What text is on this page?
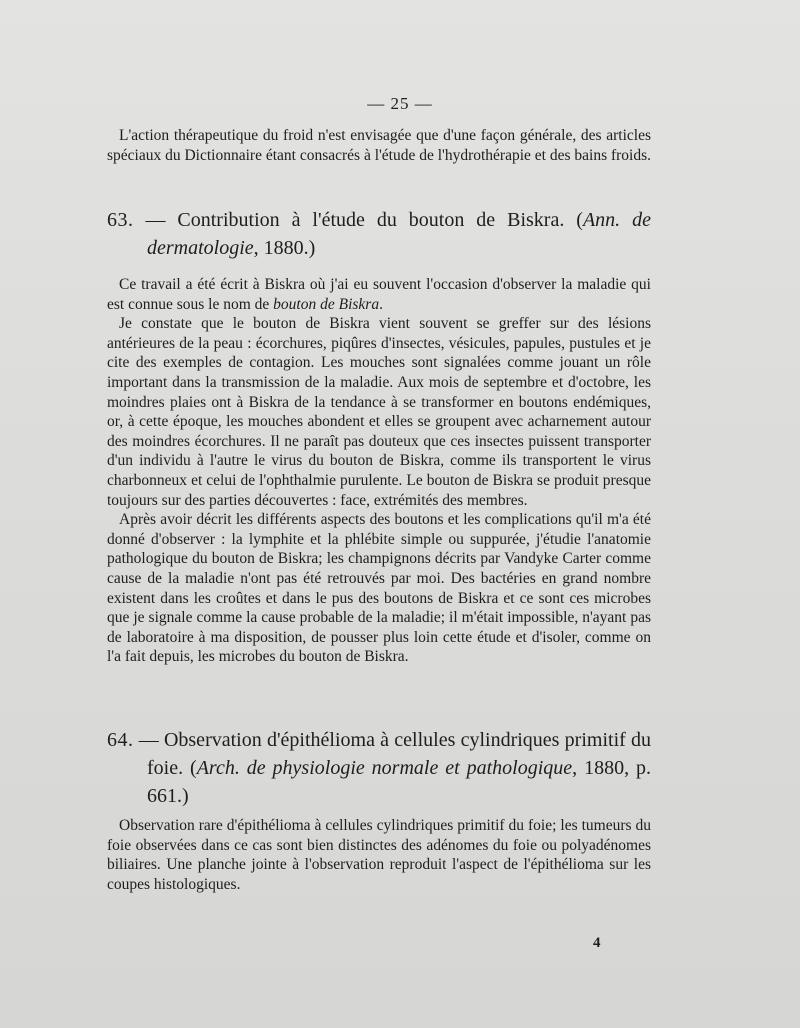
— 25 —

L'action thérapeutique du froid n'est envisagée que d'une façon générale, des articles spéciaux du Dictionnaire étant consacrés à l'étude de l'hydrothérapie et des bains froids.

63. — Contribution à l'étude du bouton de Biskra. (Ann. de dermatologie, 1880.)

Ce travail a été écrit à Biskra où j'ai eu souvent l'occasion d'observer la maladie qui est connue sous le nom de bouton de Biskra.

Je constate que le bouton de Biskra vient souvent se greffer sur des lésions antérieures de la peau : écorchures, piqûres d'insectes, vésicules, papules, pustules et je cite des exemples de contagion. Les mouches sont signalées comme jouant un rôle important dans la transmission de la maladie. Aux mois de septembre et d'octobre, les moindres plaies ont à Biskra de la tendance à se transformer en boutons endémiques, or, à cette époque, les mouches abondent et elles se groupent avec acharnement autour des moindres écorchures. Il ne paraît pas douteux que ces insectes puissent transporter d'un individu à l'autre le virus du bouton de Biskra, comme ils transportent le virus charbonneux et celui de l'ophthalmie purulente. Le bouton de Biskra se produit presque toujours sur des parties découvertes : face, extrémités des membres.

Après avoir décrit les différents aspects des boutons et les complications qu'il m'a été donné d'observer : la lymphite et la phlébite simple ou suppurée, j'étudie l'anatomie pathologique du bouton de Biskra; les champignons décrits par Vandyke Carter comme cause de la maladie n'ont pas été retrouvés par moi. Des bactéries en grand nombre existent dans les croûtes et dans le pus des boutons de Biskra et ce sont ces microbes que je signale comme la cause probable de la maladie; il m'était impossible, n'ayant pas de laboratoire à ma disposition, de pousser plus loin cette étude et d'isoler, comme on l'a fait depuis, les microbes du bouton de Biskra.

64. — Observation d'épithélioma à cellules cylindriques primitif du foie. (Arch. de physiologie normale et pathologique, 1880, p. 661.)

Observation rare d'épithélioma à cellules cylindriques primitif du foie; les tumeurs du foie observées dans ce cas sont bien distinctes des adénomes du foie ou polyadénomes biliaires. Une planche jointe à l'observation reproduit l'aspect de l'épithélioma sur les coupes histologiques.

4
